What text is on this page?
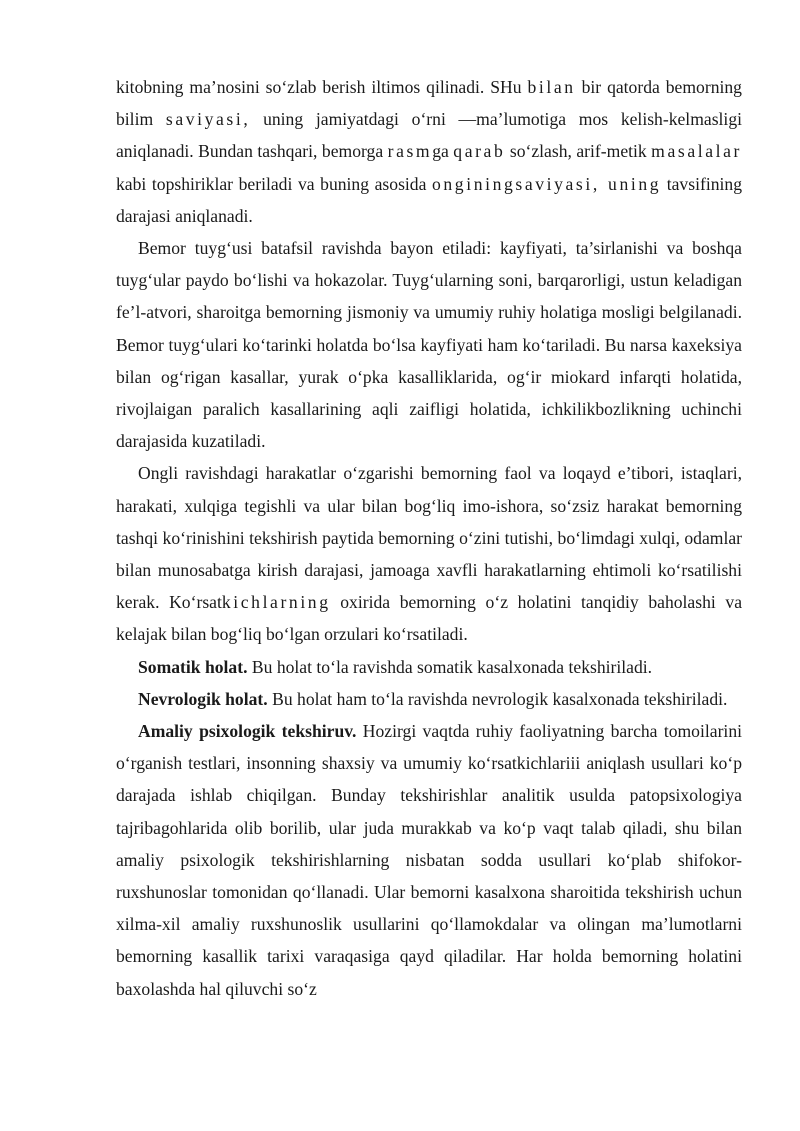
kitobning ma’nosini so‘zlab berish iltimos qilinadi. SHu bilan bir qatorda bemorning bilim saviyasi, uning jamiyatdagi o‘rni —ma’lumotiga mos kelish-kelmasligi aniqlanadi. Bundan tashqari, bemorga rasmga qarab so‘zlash, arif-metik masalalar kabi topshiriklar beriladi va buning asosida onginingsaviyasi, uning tavsifining darajasi aniqlanadi.

Bemor tuyg‘usi batafsil ravishda bayon etiladi: kayfiyati, ta’sirlanishi va boshqa tuyg‘ular paydo bo‘lishi va hokazolar. Tuyg‘ularning soni, barqarorligi, ustun keladigan fe’l-atvori, sharoitga bemorning jismoniy va umumiy ruhiy holatiga mosligi belgilanadi. Bemor tuyg‘ulari ko‘tarinki holatda bo‘lsa kayfiyati ham ko‘tariladi. Bu narsa kaxeksiya bilan og‘rigan kasallar, yurak o‘pka kasalliklarida, og‘ir miokard infarqti holatida, rivojlaigan paralich kasallarining aqli zaifligi holatida, ichkilikbozlikning uchinchi darajasida kuzatiladi.

Ongli ravishdagi harakatlar o‘zgarishi bemorning faol va loqayd e’tibori, istaqlari, harakati, xulqiga tegishli va ular bilan bog‘liq imo-ishora, so‘zsiz harakat bemorning tashqi ko‘rinishini tekshirish paytida bemorning o‘zini tutishi, bo‘limdagi xulqi, odamlar bilan munosabatga kirish darajasi, jamoaga xavfli harakatlarning ehtimoli ko‘rsatilishi kerak. Ko‘rsatkichlarning oxirida bemorning o‘z holatini tanqidiy baholashi va kelajak bilan bog‘liq bo‘lgan orzulari ko‘rsatiladi.

Somatik holat. Bu holat to‘la ravishda somatik kasalxonada tekshiriladi.

Nevrologik holat. Bu holat ham to‘la ravishda nevrologik kasalxonada tekshiriladi.

Amaliy psixologik tekshiruv. Hozirgi vaqtda ruhiy faoliyatning barcha tomoilarini o‘rganish testlari, insonning shaxsiy va umumiy ko‘rsatkichlariii aniqlash usullari ko‘p darajada ishlab chiqilgan. Bunday tekshirishlar analitik usulda patopsixologiya tajribagohlarida olib borilib, ular juda murakkab va ko‘p vaqt talab qiladi, shu bilan amaliy psixologik tekshirishlarning nisbatan sodda usullari ko‘plab shifokor-ruxshunoslar tomonidan qo‘llanadi. Ular bemorni kasalxona sharoitida tekshirish uchun xilma-xil amaliy ruxshunoslik usullarini qo‘llamokdalar va olingan ma’lumotlarni bemorning kasallik tarixi varaqasiga qayd qiladilar. Har holda bemorning holatini baxolashda hal qiluvchi so‘z
